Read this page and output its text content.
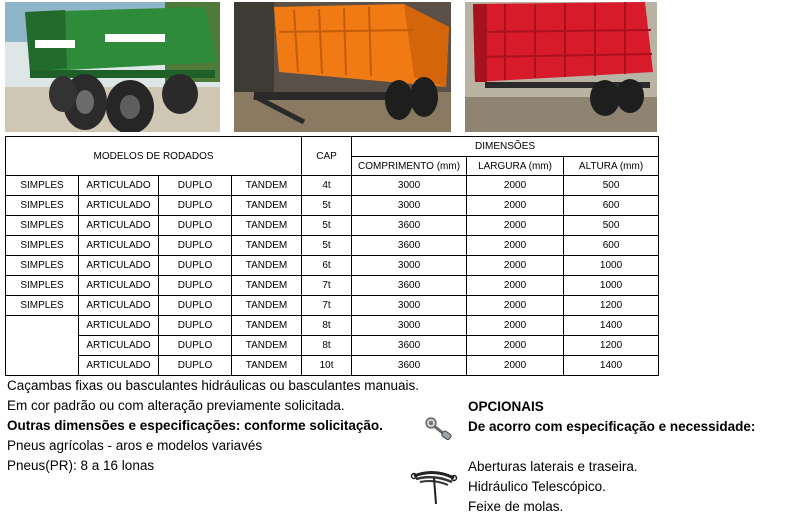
MODELOS DE RODADOS				CAP	DIMENSÕES		
					COMPRIMENTO (mm)	LARGURA (mm)	ALTURA (mm)
SIMPLES	ARTICULADO	DUPLO	TANDEM	4t	3000	2000	500
SIMPLES	ARTICULADO	DUPLO	TANDEM	5t	3000	2000	600
SIMPLES	ARTICULADO	DUPLO	TANDEM	5t	3600	2000	500
SIMPLES	ARTICULADO	DUPLO	TANDEM	5t	3600	2000	600
SIMPLES	ARTICULADO	DUPLO	TANDEM	6t	3000	2000	1000
SIMPLES	ARTICULADO	DUPLO	TANDEM	7t	3600	2000	1000
SIMPLES	ARTICULADO	DUPLO	TANDEM	7t	3000	2000	1200
	ARTICULADO	DUPLO	TANDEM	8t	3000	2000	1400
	ARTICULADO	DUPLO	TANDEM	8t	3600	2000	1200
	ARTICULADO	DUPLO	TANDEM	10t	3600	2000	1400
Caçambas fixas ou basculantes hidráulicas ou basculantes manuais.
Em cor padrão ou com alteração previamente solicitada.
Outras dimensões e especificações: conforme solicitação.
Pneus agrícolas - aros e modelos variavés
Pneus(PR): 8 a 16 lonas
OPCIONAIS
De acorro com especificação e necessidade:
Aberturas laterais e traseira.
Hidráulico Telescópico.
Feixe de molas.
